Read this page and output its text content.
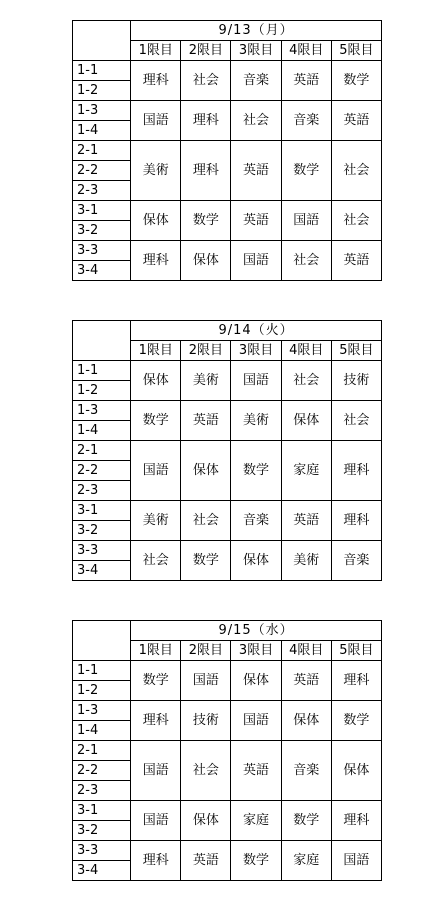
	9/13（月）				
	1限目	2限目	3限目	4限目	5限目
1-1	理科	社会	音楽	英語	数学
1-2					
1-3	国語	理科	社会	音楽	英語
1-4					
2-1	美術	理科	英語	数学	社会
2-2					
2-3					
3-1	保体	数学	英語	国語	社会
3-2					
3-3	理科	保体	国語	社会	英語
3-4					
	9/14（火）				
	1限目	2限目	3限目	4限目	5限目
1-1	保体	美術	国語	社会	技術
1-2					
1-3	数学	英語	美術	保体	社会
1-4					
2-1	国語	保体	数学	家庭	理科
2-2					
2-3					
3-1	美術	社会	音楽	英語	理科
3-2					
3-3	社会	数学	保体	美術	音楽
3-4					
	9/15（水）				
	1限目	2限目	3限目	4限目	5限目
1-1	数学	国語	保体	英語	理科
1-2					
1-3	理科	技術	国語	保体	数学
1-4					
2-1	国語	社会	英語	音楽	保体
2-2					
2-3					
3-1	国語	保体	家庭	数学	理科
3-2					
3-3	理科	英語	数学	家庭	国語
3-4					
